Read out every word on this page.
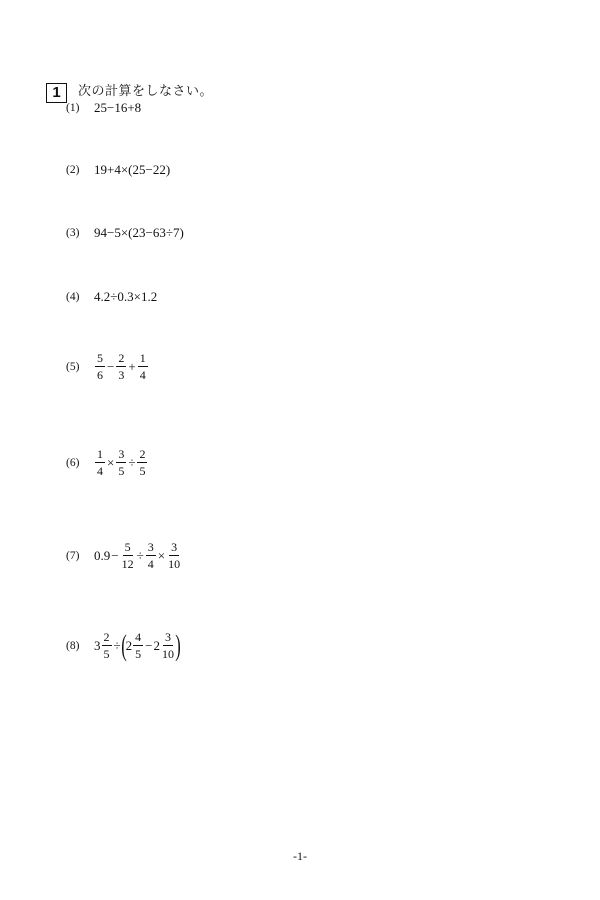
1	次の計算をしなさい。
(1)	25−16+8
(2)	19+4×(25−22)
(3)	94−5×(23−63÷7)
(4)	4.2÷0.3×1.2
(5)	$\frac{5}{6} - \frac{2}{3} + \frac{1}{4}$
(6)	$\frac{1}{4} \times \frac{3}{5} \div \frac{2}{5}$
(7)	$0.9 - \frac{5}{12} \div \frac{3}{4} \times \frac{3}{10}$
(8)	$3 \frac{2}{5}$ ÷ ( $2 \frac{4}{5} - 2 \frac{3}{10}$ )
-1-
